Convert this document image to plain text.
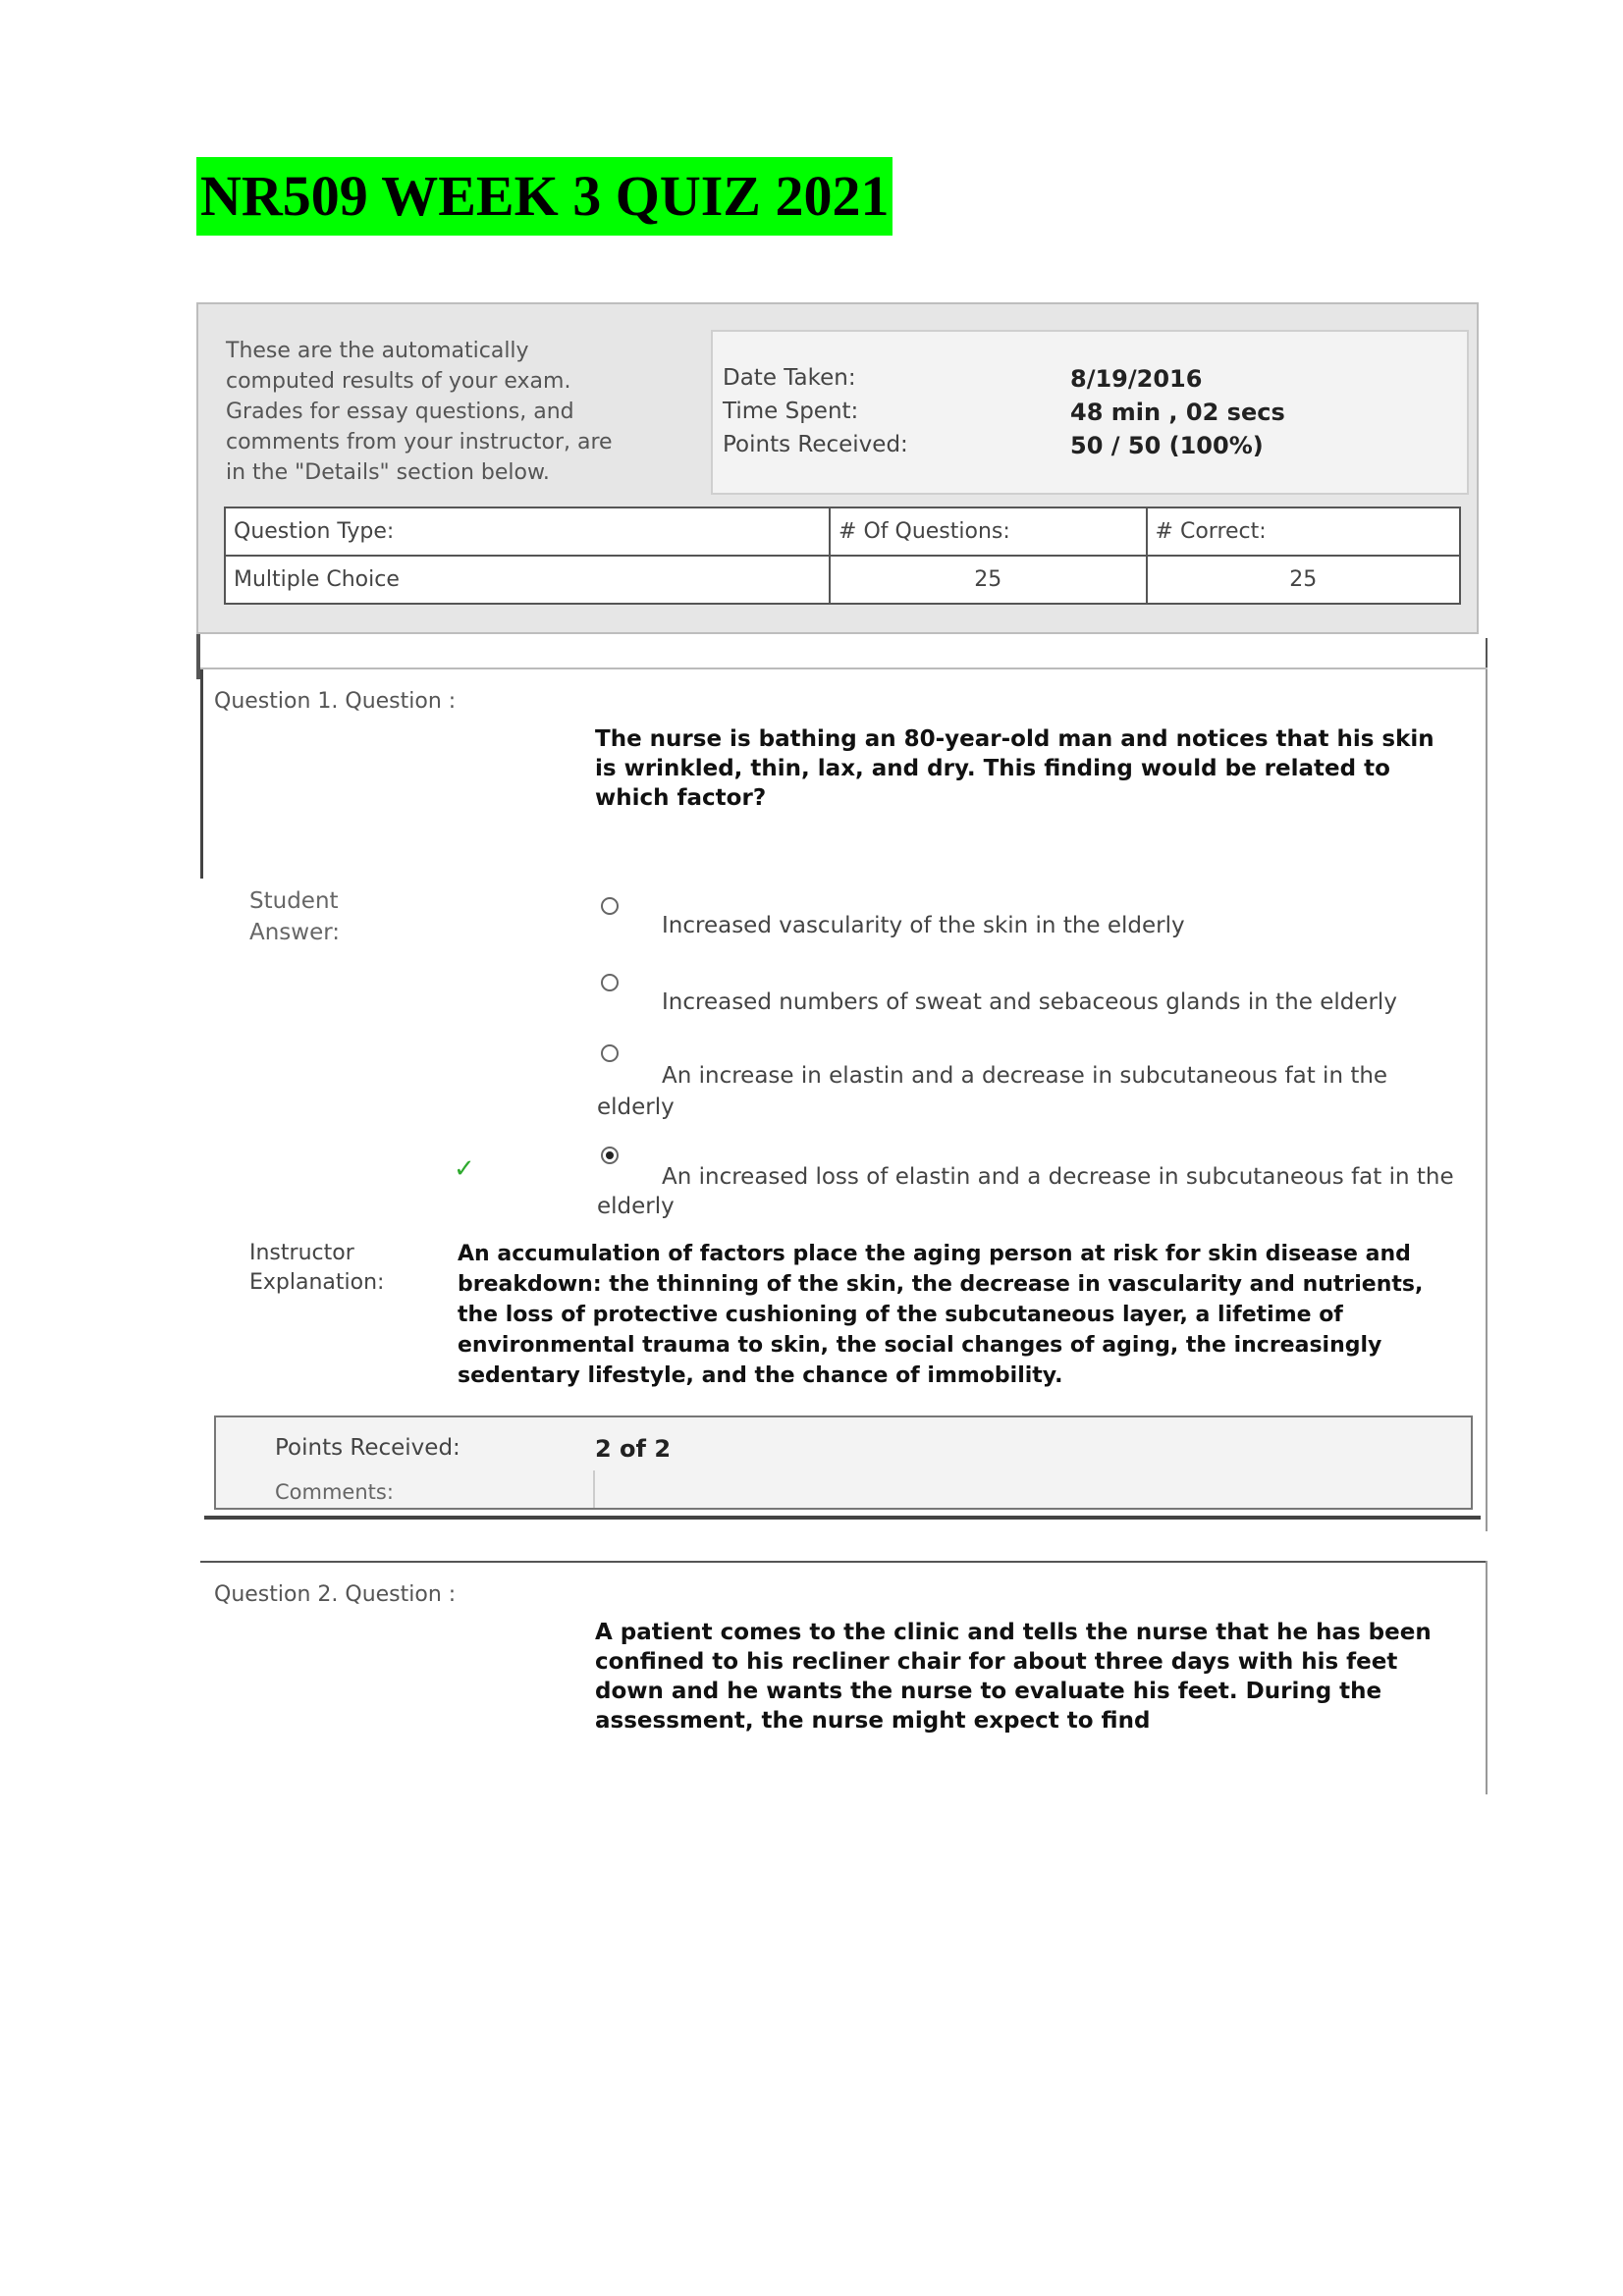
NR509 WEEK 3 QUIZ 2021
These are the automatically
computed results of your exam.
Grades for essay questions, and
comments from your instructor, are
in the "Details" section below.
Date Taken:	8/19/2016
Time Spent:	48 min , 02 secs
Points Received:	50 / 50 (100%)
Question Type:	# Of Questions:	# Correct:
Multiple Choice	25	25
Question 1. Question :
The nurse is bathing an 80-year-old man and notices that his skin is wrinkled, thin, lax, and dry. This finding would be related to which factor?
Student Answer:	Increased vascularity of the skin in the elderly
Increased numbers of sweat and sebaceous glands in the elderly
An increase in elastin and a decrease in subcutaneous fat in the elderly
✓	An increased loss of elastin and a decrease in subcutaneous fat in the elderly
Instructor Explanation:
An accumulation of factors place the aging person at risk for skin disease and breakdown: the thinning of the skin, the decrease in vascularity and nutrients, the loss of protective cushioning of the subcutaneous layer, a lifetime of environmental trauma to skin, the social changes of aging, the increasingly sedentary lifestyle, and the chance of immobility.
Points Received:	2 of 2
Comments:
Question 2. Question :
A patient comes to the clinic and tells the nurse that he has been confined to his recliner chair for about three days with his feet down and he wants the nurse to evaluate his feet. During the assessment, the nurse might expect to find
